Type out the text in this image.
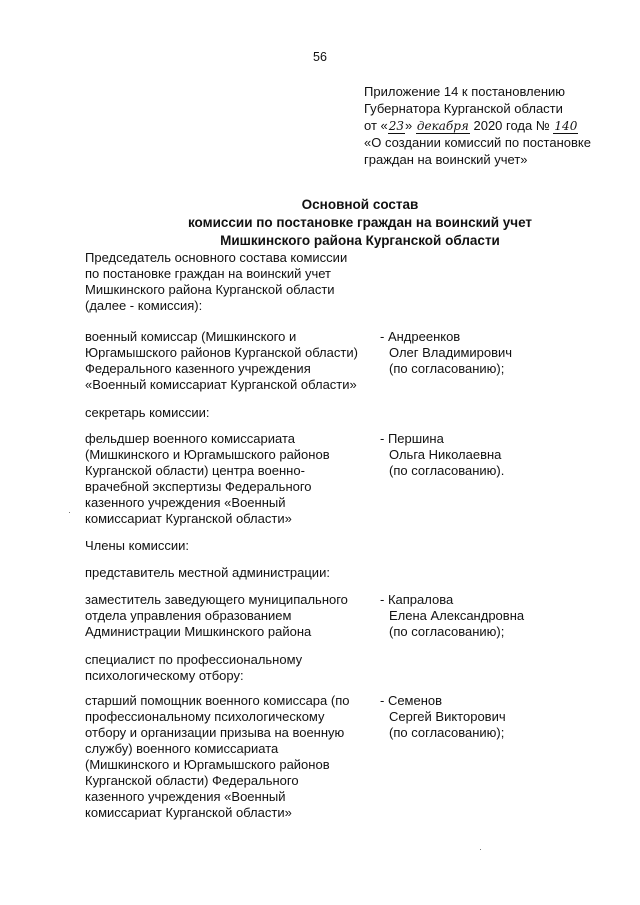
56
Приложение 14 к постановлению
Губернатора Курганской области
от «23» декабря 2020 года № 140
«О создании комиссий по постановке
граждан на воинский учет»
Основной состав
комиссии по постановке граждан на воинский учет
Мишкинского района Курганской области
Председатель основного состава комиссии
по постановке граждан на воинский учет
Мишкинского района Курганской области
(далее - комиссия):
военный комиссар (Мишкинского и
Юргамышского районов Курганской области)
Федерального казенного учреждения
«Военный комиссариат Курганской области»
- Андреенков
Олег Владимирович
(по согласованию);
секретарь комиссии:
фельдшер военного комиссариата
(Мишкинского и Юргамышского районов
Курганской области) центра военно-
врачебной экспертизы Федерального
казенного учреждения «Военный
комиссариат Курганской области»
- Першина
Ольга Николаевна
(по согласованию).
Члены комиссии:
представитель местной администрации:
заместитель заведующего муниципального
отдела управления образованием
Администрации Мишкинского района
- Капралова
Елена Александровна
(по согласованию);
специалист по профессиональному
психологическому отбору:
старший помощник военного комиссара (по
профессиональному психологическому
отбору и организации призыва на военную
службу) военного комиссариата
(Мишкинского и Юргамышского районов
Курганской области) Федерального
казенного учреждения «Военный
комиссариат Курганской области»
- Семенов
Сергей Викторович
(по согласованию);
